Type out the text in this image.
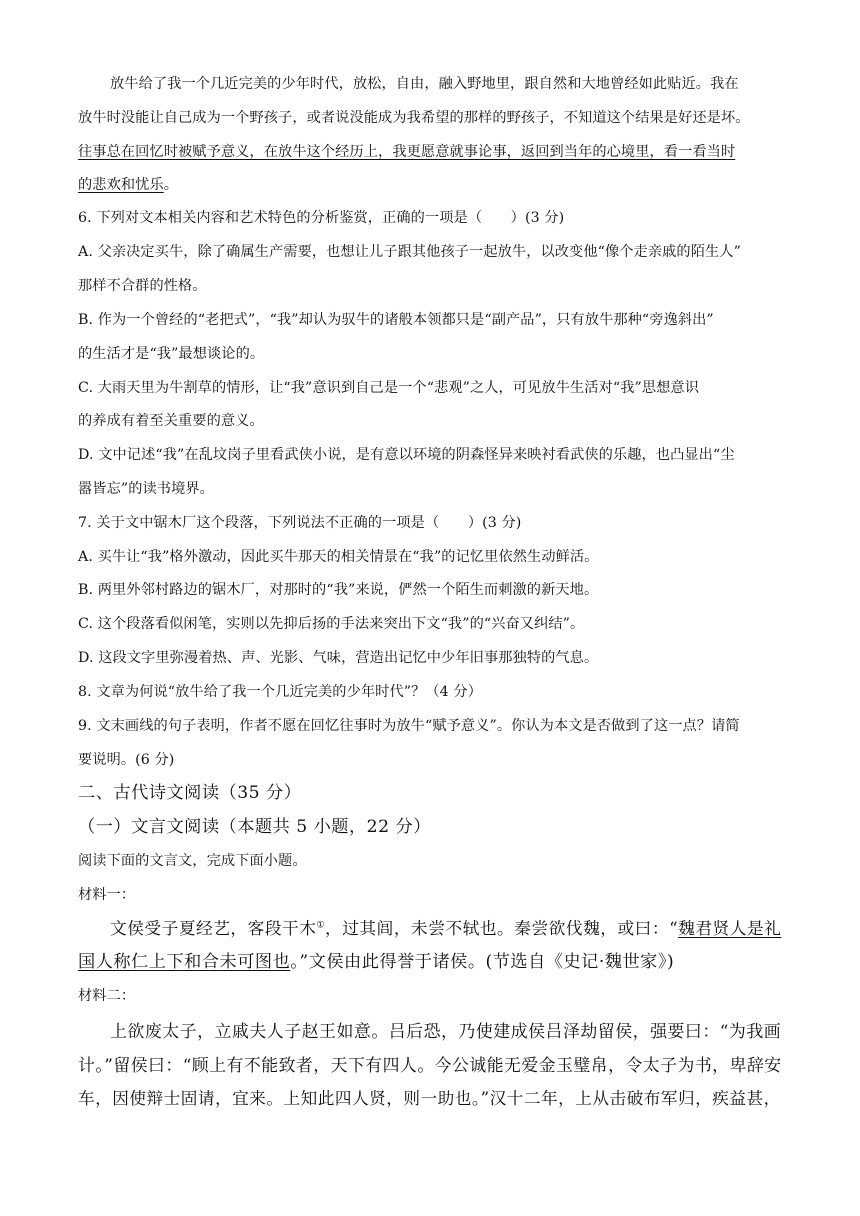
放牛给了我一个几近完美的少年时代，放松，自由，融入野地里，跟自然和大地曾经如此贴近。我在
放牛时没能让自己成为一个野孩子，或者说没能成为我希望的那样的野孩子，不知道这个结果是好还是坏。
往事总在回忆时被赋予意义，在放牛这个经历上，我更愿意就事论事，返回到当年的心境里，看一看当时
的悲欢和忧乐。
6. 下列对文本相关内容和艺术特色的分析鉴赏，正确的一项是（　　）(3 分)
A. 父亲决定买牛，除了确属生产需要，也想让儿子跟其他孩子一起放牛，以改变他“像个走亲戚的陌生人”
那样不合群的性格。
B. 作为一个曾经的“老把式”，“我”却认为驭牛的诸般本领都只是“副产品”，只有放牛那种“旁逸斜出”
的生活才是“我”最想谈论的。
C. 大雨天里为牛割草的情形，让“我”意识到自己是一个“悲观”之人，可见放牛生活对“我”思想意识
的养成有着至关重要的意义。
D. 文中记述“我”在乱坟岗子里看武侠小说，是有意以环境的阴森怪异来映衬看武侠的乐趣，也凸显出“尘
嚣皆忘”的读书境界。
7. 关于文中锯木厂这个段落，下列说法不正确的一项是（　　）(3 分)
A. 买牛让“我”格外激动，因此买牛那天的相关情景在“我”的记忆里依然生动鲜活。
B. 两里外邻村路边的锯木厂，对那时的“我”来说，俨然一个陌生而刺激的新天地。
C. 这个段落看似闲笔，实则以先抑后扬的手法来突出下文“我”的“兴奋又纠结”。
D. 这段文字里弥漫着热、声、光影、气味，营造出记忆中少年旧事那独特的气息。
8. 文章为何说“放牛给了我一个几近完美的少年时代”？（4 分）
9. 文末画线的句子表明，作者不愿在回忆往事时为放牛“赋予意义”。你认为本文是否做到了这一点？请简
要说明。(6 分)
二、古代诗文阅读（35 分）
（一）文言文阅读（本题共 5 小题，22 分）
阅读下面的文言文，完成下面小题。
材料一：
文侯受子夏经艺，客段干木①，过其闾，未尝不轼也。秦尝欲伐魏，或曰：“魏君贤人是礼
国人称仁上下和合未可图也。”文侯由此得誉于诸侯。(节选自《史记·魏世家》)
材料二：
上欲废太子，立戚夫人子赵王如意。吕后恐，乃使建成侯吕泽劫留侯，强要曰：“为我画
计。”留侯曰：“顾上有不能致者，天下有四人。今公诚能无爱金玉璧帛，令太子为书，卑辞安
车，因使辩士固请，宜来。上知此四人贤，则一助也。”汉十二年，上从击破布军归，疾益甚，
